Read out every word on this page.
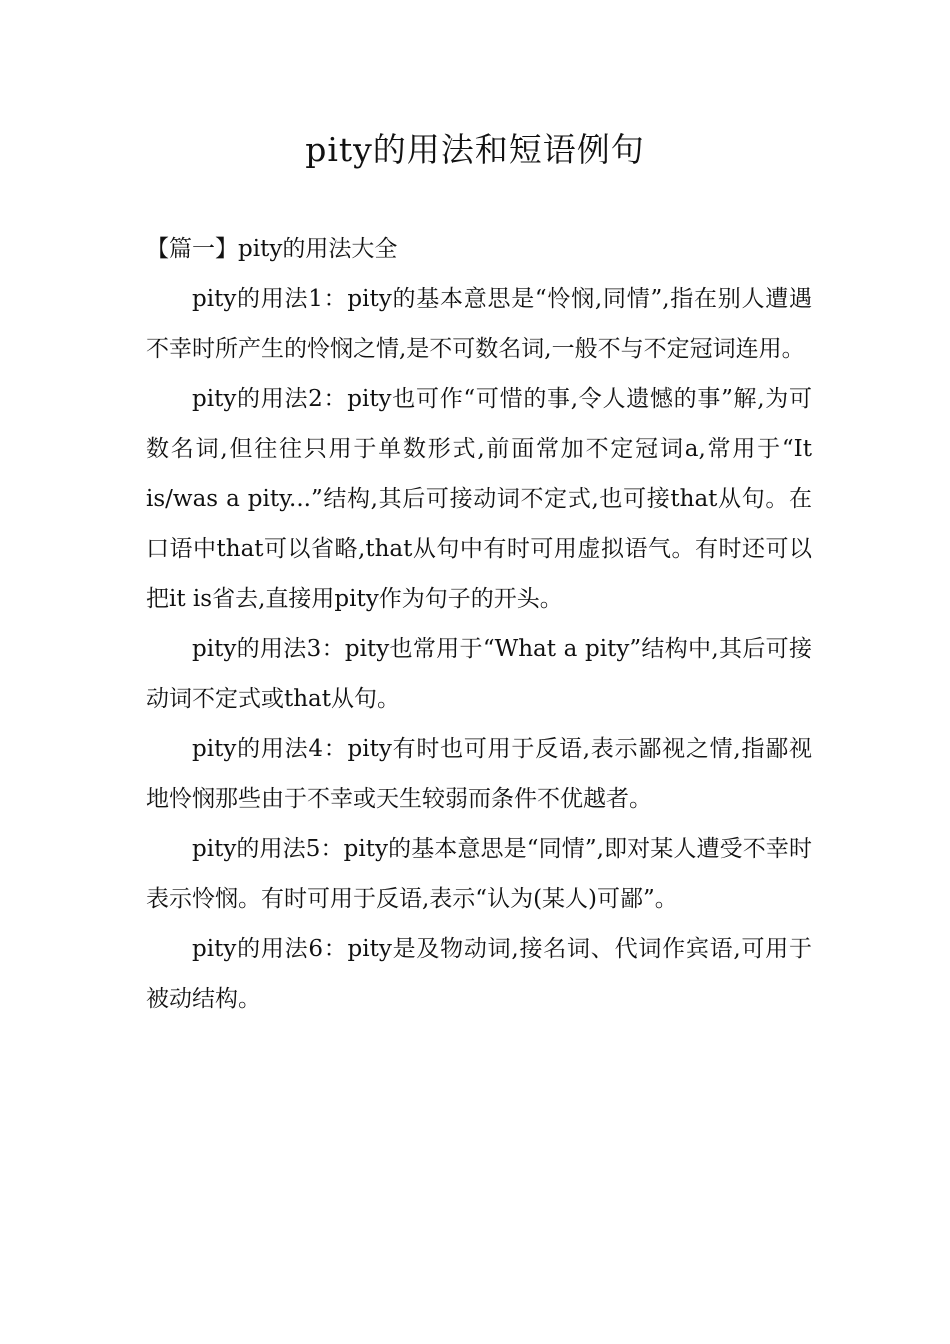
pity的用法和短语例句
【篇一】pity的用法大全

pity的用法1：pity的基本意思是“怜悯,同情”,指在别人遭遇不幸时所产生的怜悯之情,是不可数名词,一般不与不定冠词连用。

pity的用法2：pity也可作“可惜的事,令人遗憾的事”解,为可数名词,但往往只用于单数形式,前面常加不定冠词a,常用于“It is/was a pity...”结构,其后可接动词不定式,也可接that从句。在口语中that可以省略,that从句中有时可用虚拟语气。有时还可以把it is省去,直接用pity作为句子的开头。

pity的用法3：pity也常用于“What a pity”结构中,其后可接动词不定式或that从句。

pity的用法4：pity有时也可用于反语,表示鄙视之情,指鄙视地怜悯那些由于不幸或天生较弱而条件不优越者。

pity的用法5：pity的基本意思是“同情”,即对某人遭受不幸时表示怜悯。有时可用于反语,表示“认为(某人)可鄙”。

pity的用法6：pity是及物动词,接名词、代词作宾语,可用于被动结构。
